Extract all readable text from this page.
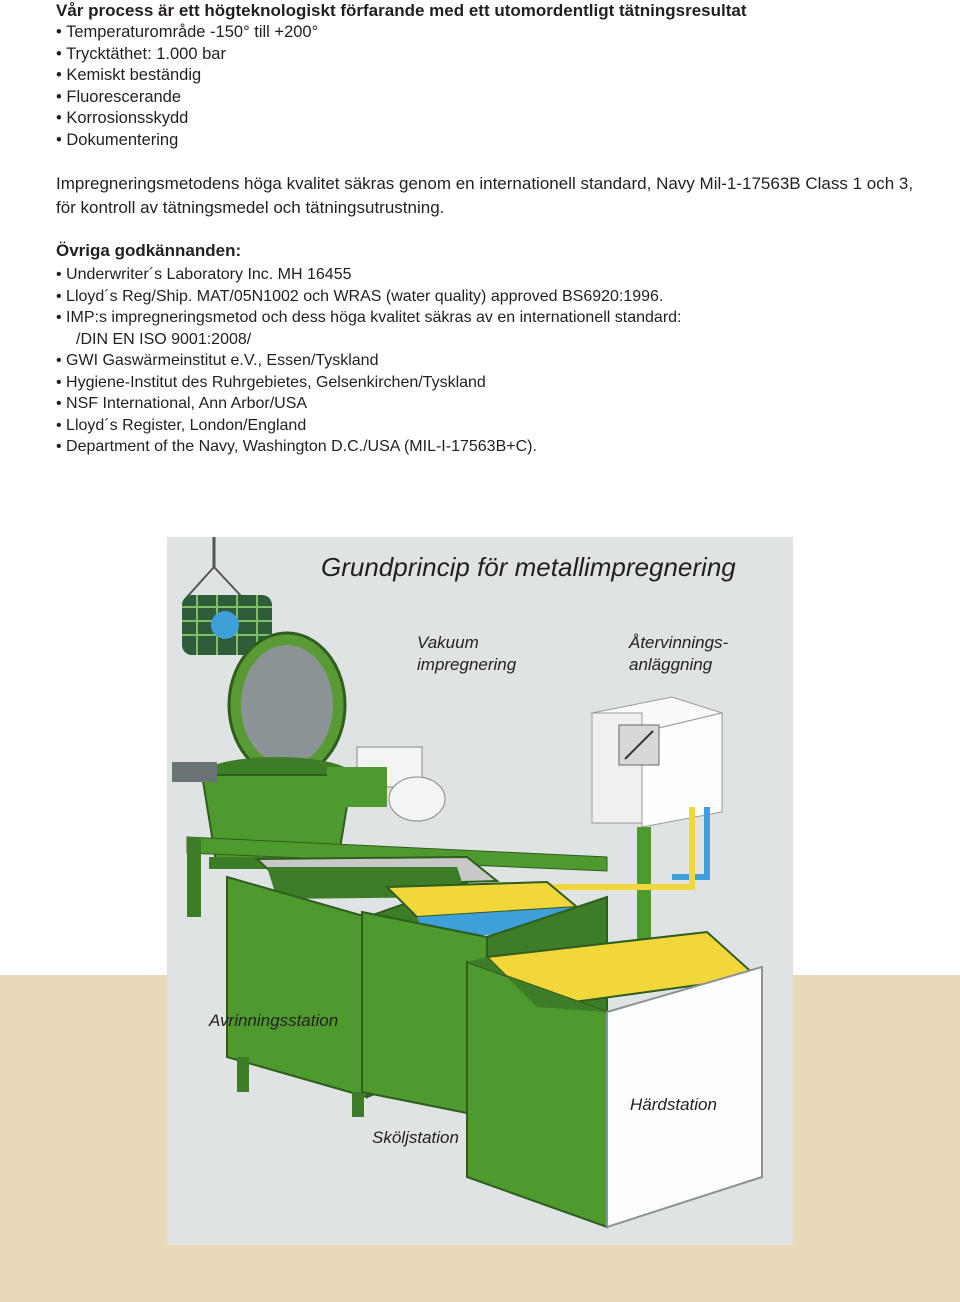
Vår process är ett högteknologiskt förfarande med ett utomordentligt tätningsresultat
• Temperaturområde -150° till +200°
• Trycktäthet: 1.000 bar
• Kemiskt beständig
• Fluorescerande
• Korrosionsskydd
• Dokumentering

Impregneringsmetodens höga kvalitet säkras genom en internationell standard, Navy Mil-1-17563B Class 1 och 3, för kontroll av tätningsmedel och tätningsutrustning.

Övriga godkännanden:

• Underwriter´s Laboratory Inc. MH 16455
• Lloyd´s Reg/Ship. MAT/05N1002 och WRAS (water quality) approved BS6920:1996.
• IMP:s impregneringsmetod och dess höga kvalitet säkras av en internationell standard:
/DIN EN ISO 9001:2008/
• GWI Gaswärmeinstitut e.V., Essen/Tyskland
• Hygiene-Institut des Ruhrgebietes, Gelsenkirchen/Tyskland
• NSF International, Ann Arbor/USA
• Lloyd´s Register, London/England
• Department of the Navy, Washington D.C./USA (MIL-I-17563B+C).
Grundprincip för metallimpregnering
Vakuum
impregnering
Återvinnings-
anläggning
Avrinningsstation
Sköljstation
Härdstation
